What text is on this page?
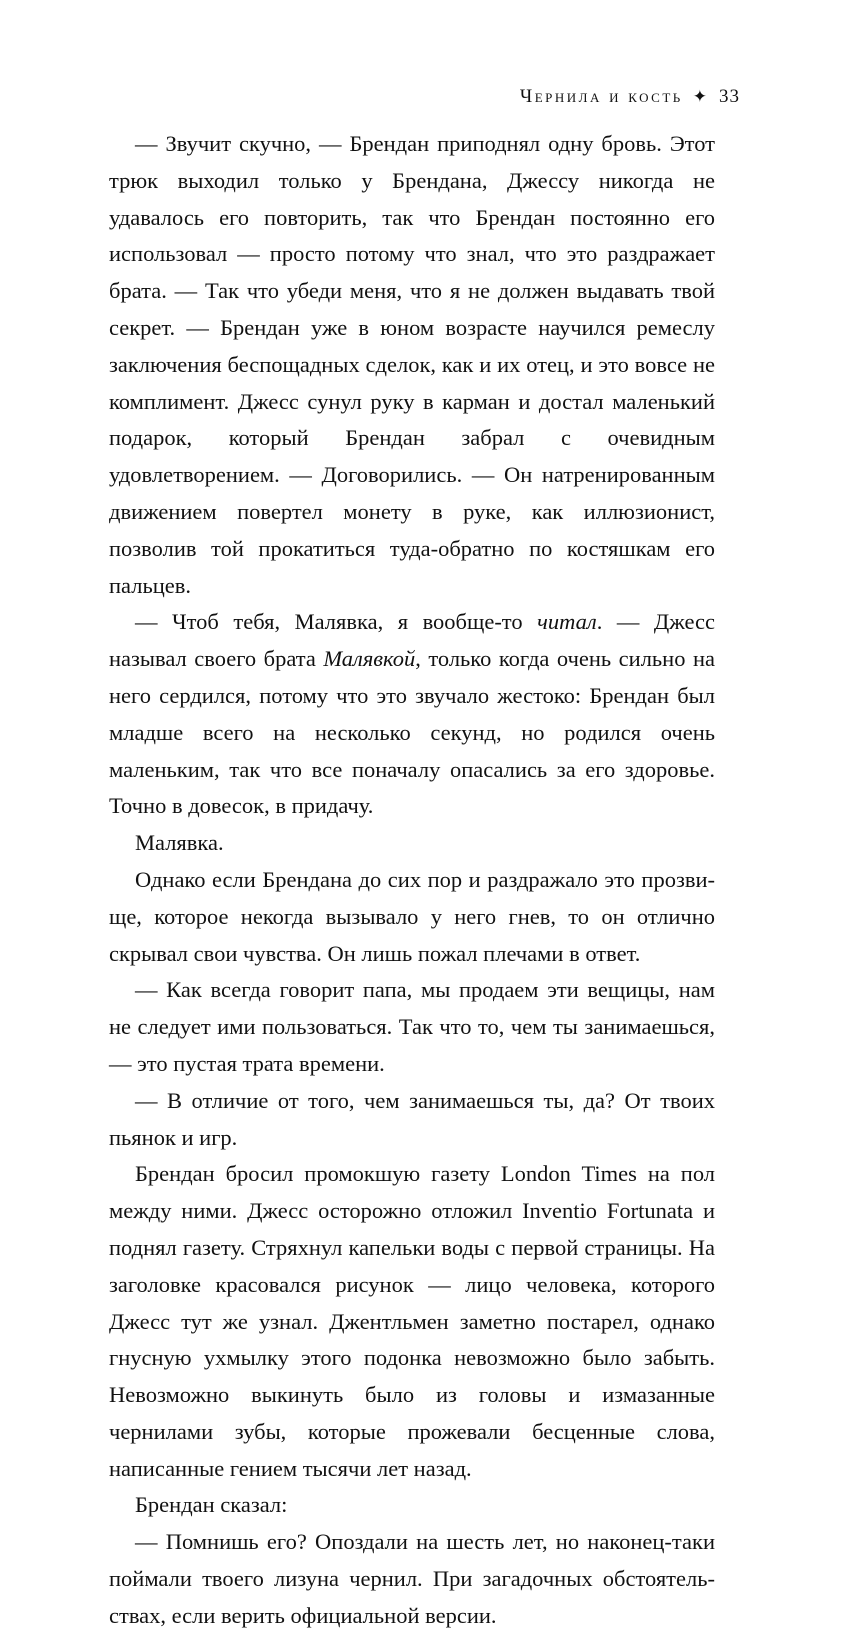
Чернила и кость ✦ 33

— Звучит скучно, — Брендан приподнял одну бровь. Этот трюк выходил только у Брендана, Джессу никогда не удавалось его повторить, так что Брендан постоянно его использовал — просто потому что знал, что это раздражает брата. — Так что убеди меня, что я не должен выдавать твой секрет. — Брендан уже в юном возрасте научился ремеслу заключения беспощадных сделок, как и их отец, и это вовсе не комплимент. Джесс сунул руку в карман и достал маленький подарок, который Брендан забрал с очевидным удовлетворением. — Договорились. — Он натренированным движением повертел монету в руке, как иллюзионист, позволив той прокатиться туда-обратно по костяшкам его пальцев.

— Чтоб тебя, Малявка, я вообще-то читал. — Джесс называл своего брата Малявкой, только когда очень сильно на него сердился, потому что это звучало жестоко: Брендан был младше всего на несколько секунд, но родился очень маленьким, так что все поначалу опасались за его здоровье. Точно в довесок, в придачу.

Малявка.

Однако если Брендана до сих пор и раздражало это прозвище, которое некогда вызывало у него гнев, то он отлично скрывал свои чувства. Он лишь пожал плечами в ответ.

— Как всегда говорит папа, мы продаем эти вещицы, нам не следует ими пользоваться. Так что то, чем ты занимаешься, — это пустая трата времени.

— В отличие от того, чем занимаешься ты, да? От твоих пьянок и игр.

Брендан бросил промокшую газету London Times на пол между ними. Джесс осторожно отложил Inventio Fortunata и поднял газету. Стряхнул капельки воды с первой страницы. На заголовке красовался рисунок — лицо человека, которого Джесс тут же узнал. Джентльмен заметно постарел, однако гнусную ухмылку этого подонка невозможно было забыть. Невозможно выкинуть было из головы и измазанные чернилами зубы, которые прожевали бесценные слова, написанные гением тысячи лет назад.

Брендан сказал:

— Помнишь его? Опоздали на шесть лет, но наконец-таки поймали твоего лизуна чернил. При загадочных обстоятельствах, если верить официальной версии.
